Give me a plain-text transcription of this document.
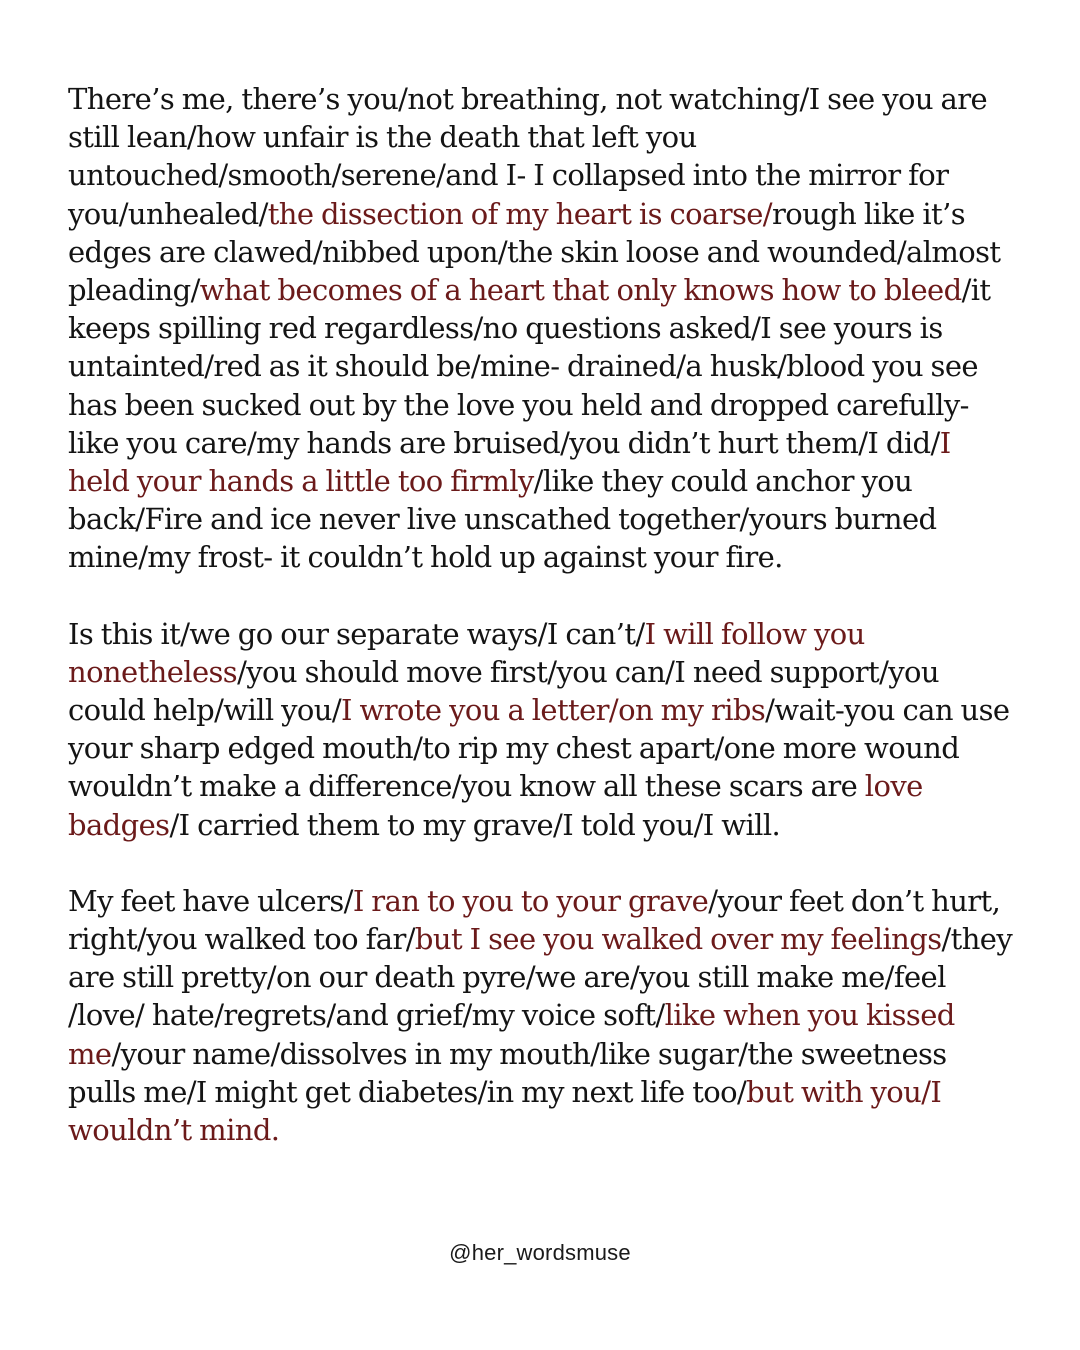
There’s me, there’s you/not breathing, not watching/I see you are still lean/how unfair is the death that left you untouched/smooth/serene/and I- I collapsed into the mirror for you/unhealed/the dissection of my heart is coarse/rough like it’s edges are clawed/nibbed upon/the skin loose and wounded/almost pleading/what becomes of a heart that only knows how to bleed/it keeps spilling red regardless/no questions asked/I see yours is untainted/red as it should be/mine- drained/a husk/blood you see has been sucked out by the love you held and dropped carefully- like you care/my hands are bruised/you didn’t hurt them/I did/I held your hands a little too firmly/like they could anchor you back/Fire and ice never live unscathed together/yours burned mine/my frost- it couldn’t hold up against your fire.

Is this it/we go our separate ways/I can’t/I will follow you nonetheless/you should move first/you can/I need support/you could help/will you/I wrote you a letter/on my ribs/wait-you can use your sharp edged mouth/to rip my chest apart/one more wound wouldn’t make a difference/you know all these scars are love badges/I carried them to my grave/I told you/I will.

My feet have ulcers/I ran to you to your grave/your feet don’t hurt, right/you walked too far/but I see you walked over my feelings/they are still pretty/on our death pyre/we are/you still make me/feel /love/ hate/regrets/and grief/my voice soft/like when you kissed me/your name/dissolves in my mouth/like sugar/the sweetness pulls me/I might get diabetes/in my next life too/but with you/I wouldn’t mind.

@her_wordsmuse
